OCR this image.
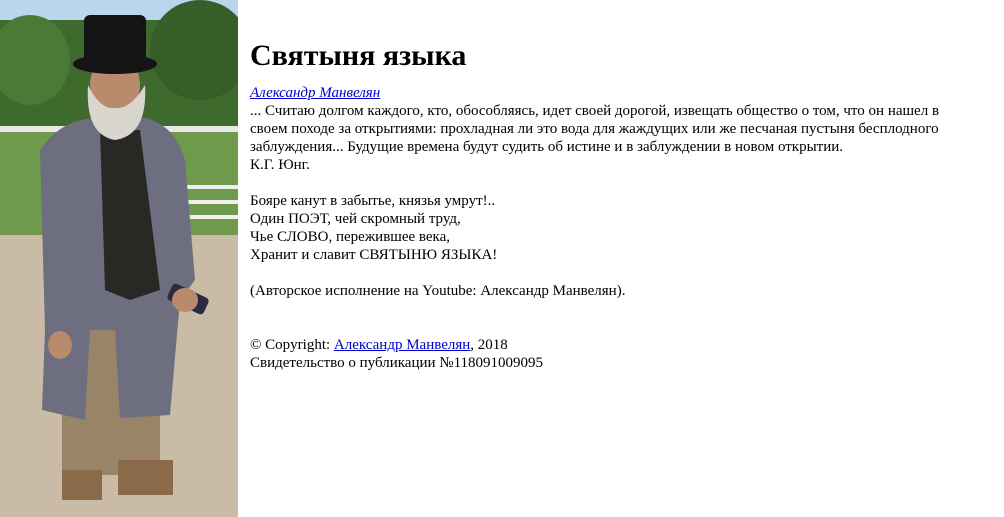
Святыня языка
Александр Манвелян
... Считаю долгом каждого, кто, обособляясь, идет своей дорогой, извещать общество о том, что он нашел в
своем походе за открытиями: прохладная ли это вода для жаждущих или же песчаная пустыня бесплодного
заблуждения... Будущие времена будут судить об истине и в заблуждении в новом открытии.
К.Г. Юнг.
Бояре канут в забытье, князья умрут!..
Один ПОЭТ, чей скромный труд,
Чье СЛОВО, пережившее века,
Хранит и славит СВЯТЫНЮ ЯЗЫКА!
(Авторское исполнение на Youtube: Александр Манвелян).
© Copyright: Александр Манвелян, 2018
Свидетельство о публикации №118091009095
